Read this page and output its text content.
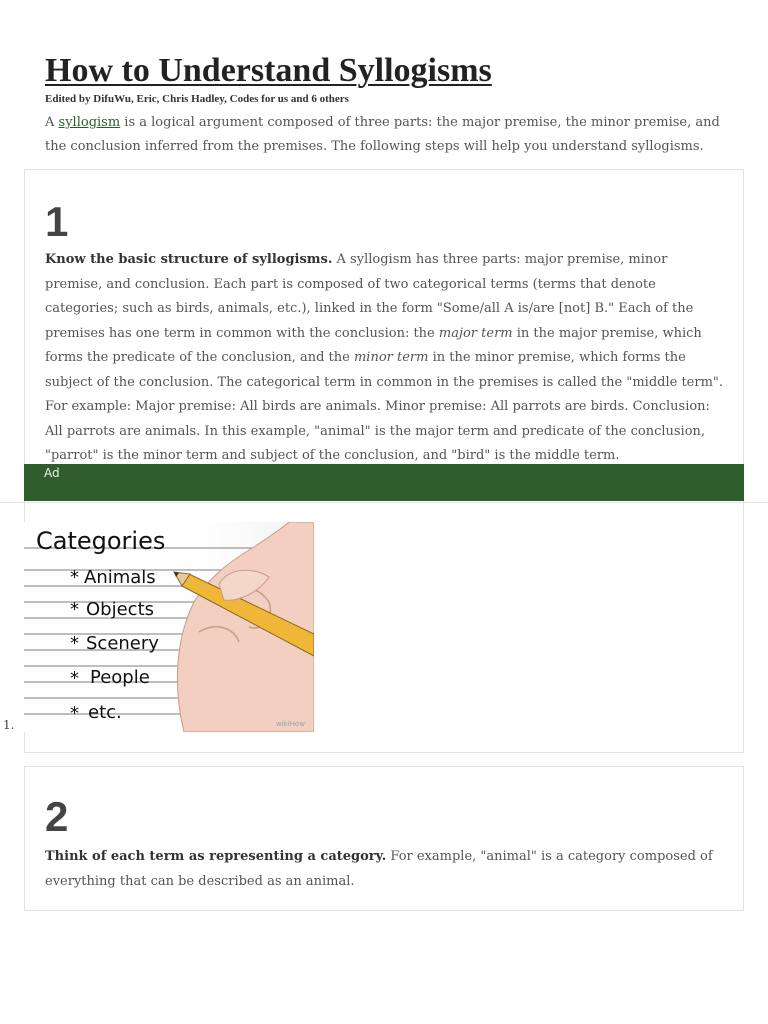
How to Understand Syllogisms
Edited by DifuWu, Eric, Chris Hadley, Codes for us and 6 others

A syllogism is a logical argument composed of three parts: the major premise, the minor premise, and the conclusion inferred from the premises. The following steps will help you understand syllogisms.

1
Know the basic structure of syllogisms. A syllogism has three parts: major premise, minor premise, and conclusion. Each part is composed of two categorical terms (terms that denote categories; such as birds, animals, etc.), linked in the form "Some/all A is/are [not] B." Each of the premises has one term in common with the conclusion: the major term in the major premise, which forms the predicate of the conclusion, and the minor term in the minor premise, which forms the subject of the conclusion. The categorical term in common in the premises is called the "middle term". For example: Major premise: All birds are animals. Minor premise: All parrots are birds. Conclusion: All parrots are animals. In this example, "animal" is the major term and predicate of the conclusion, "parrot" is the minor term and subject of the conclusion, and "bird" is the middle term.
Ad
1.
Categories
* Animals
* Objects
* Scenery
* People
* etc.
wikiHow
2
Think of each term as representing a category. For example, "animal" is a category composed of everything that can be described as an animal.
